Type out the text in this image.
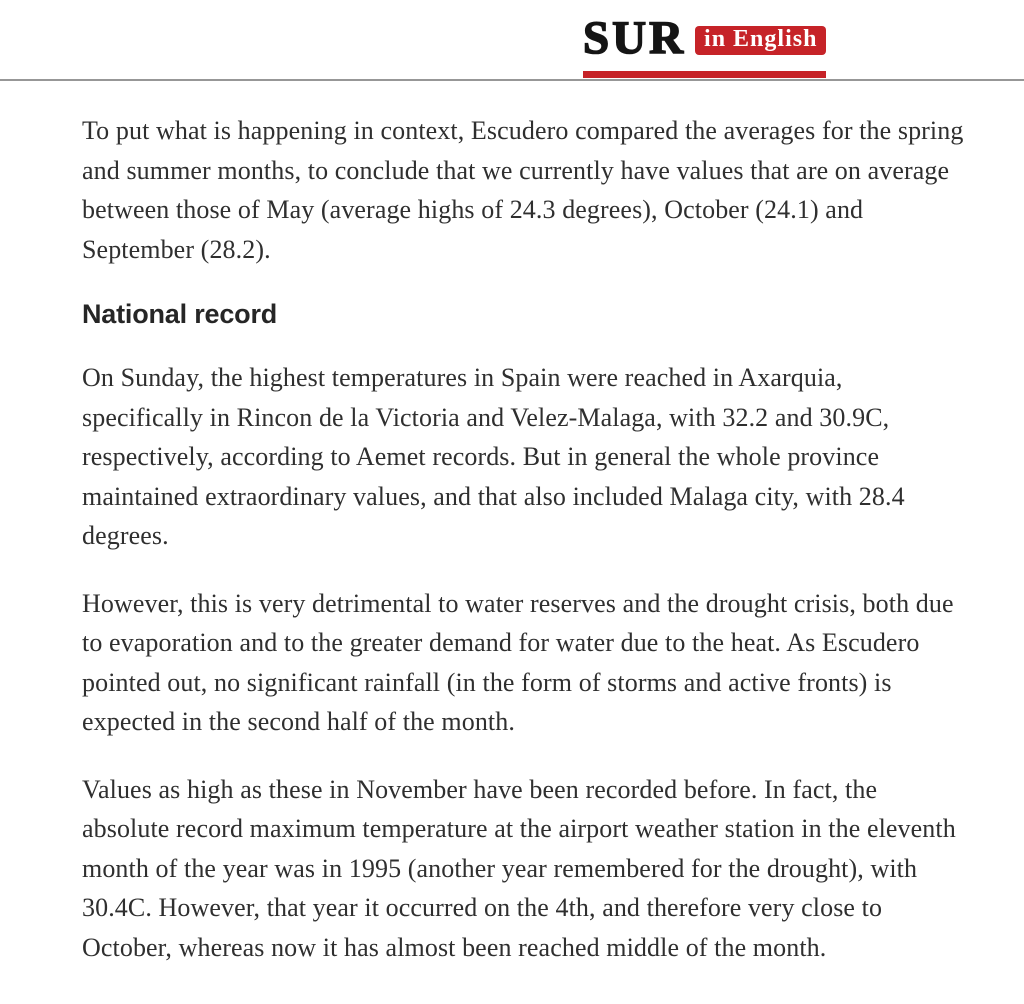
SUR in English

To put what is happening in context, Escudero compared the averages for the spring and summer months, to conclude that we currently have values that are on average between those of May (average highs of 24.3 degrees), October (24.1) and September (28.2).

National record

On Sunday, the highest temperatures in Spain were reached in Axarquia, specifically in Rincon de la Victoria and Velez-Malaga, with 32.2 and 30.9C, respectively, according to Aemet records. But in general the whole province maintained extraordinary values, and that also included Malaga city, with 28.4 degrees.

However, this is very detrimental to water reserves and the drought crisis, both due to evaporation and to the greater demand for water due to the heat. As Escudero pointed out, no significant rainfall (in the form of storms and active fronts) is expected in the second half of the month.

Values as high as these in November have been recorded before. In fact, the absolute record maximum temperature at the airport weather station in the eleventh month of the year was in 1995 (another year remembered for the drought), with 30.4C. However, that year it occurred on the 4th, and therefore very close to October, whereas now it has almost been reached middle of the month.
